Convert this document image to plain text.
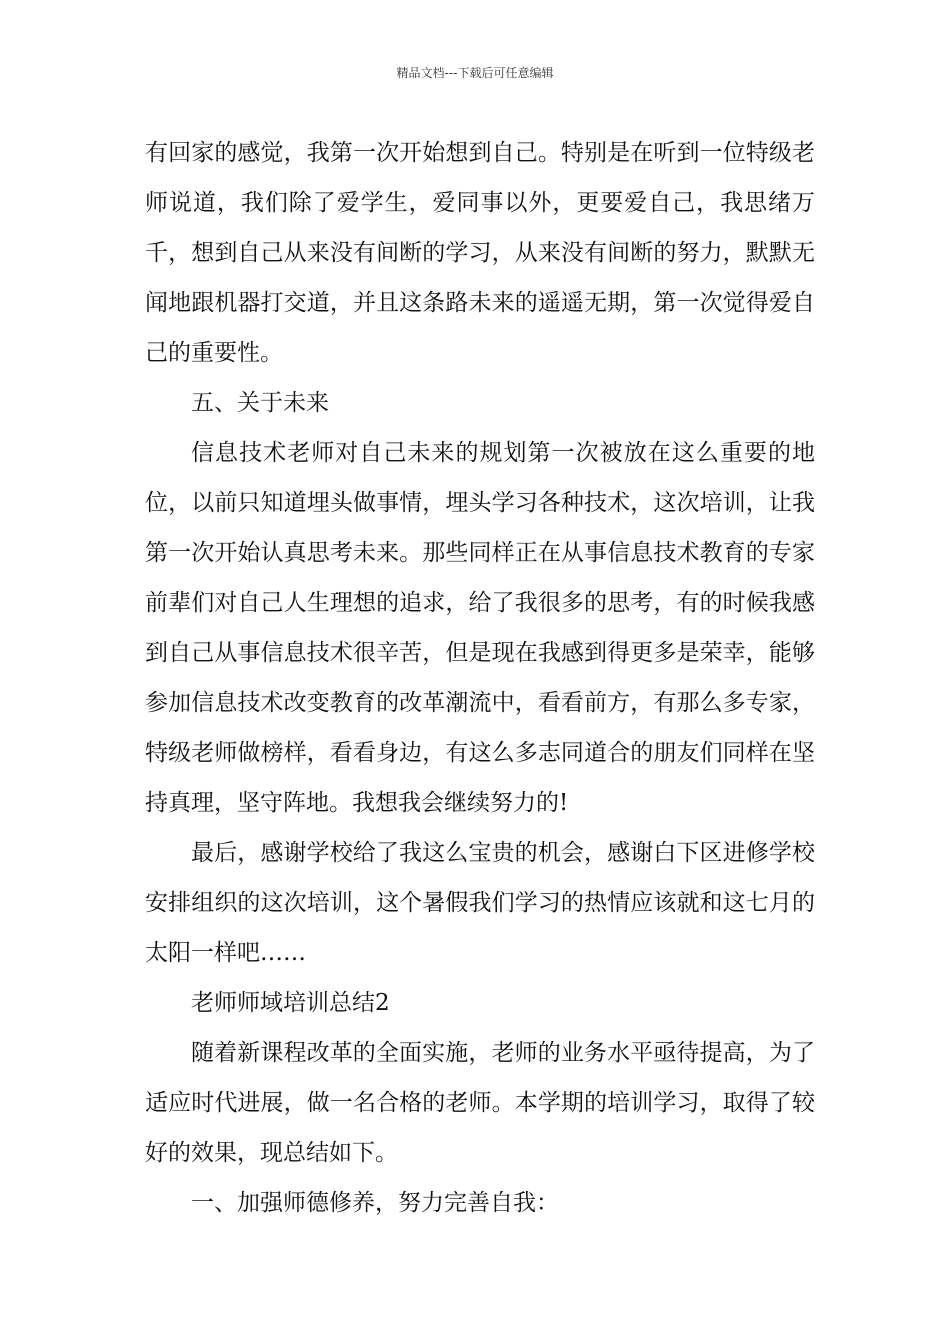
精品文档---下载后可任意编辑

有回家的感觉，我第一次开始想到自己。特别是在听到一位特级老师说道，我们除了爱学生，爱同事以外，更要爱自己，我思绪万千，想到自己从来没有间断的学习，从来没有间断的努力，默默无闻地跟机器打交道，并且这条路未来的遥遥无期，第一次觉得爱自己的重要性。

五、关于未来

信息技术老师对自己未来的规划第一次被放在这么重要的地位，以前只知道埋头做事情，埋头学习各种技术，这次培训，让我第一次开始认真思考未来。那些同样正在从事信息技术教育的专家前辈们对自己人生理想的追求，给了我很多的思考，有的时候我感到自己从事信息技术很辛苦，但是现在我感到得更多是荣幸，能够参加信息技术改变教育的改革潮流中，看看前方，有那么多专家，特级老师做榜样，看看身边，有这么多志同道合的朋友们同样在坚持真理，坚守阵地。我想我会继续努力的!

最后，感谢学校给了我这么宝贵的机会，感谢白下区进修学校安排组织的这次培训，这个暑假我们学习的热情应该就和这七月的太阳一样吧……

老师师域培训总结2

随着新课程改革的全面实施，老师的业务水平亟待提高，为了适应时代进展，做一名合格的老师。本学期的培训学习，取得了较好的效果，现总结如下。

一、加强师德修养，努力完善自我：
